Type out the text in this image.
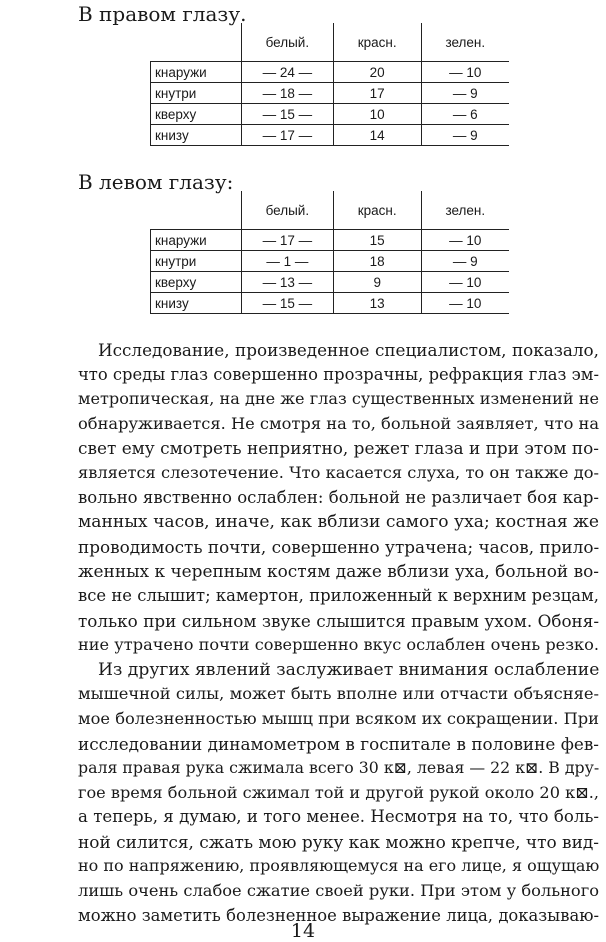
В правом глазу.
	белый.	красн.	зелен.
кнаружи	— 24 —	20	— 10
кнутри	— 18 —	17	— 9
кверху	— 15 —	10	— 6
книзу	— 17 —	14	— 9
В левом глазу:
	белый.	красн.	зелен.
кнаружи	— 17 —	15	— 10
кнутри	— 1 —	18	— 9
кверху	— 13 —	9	— 10
книзу	— 15 —	13	— 10
Исследование, произведенное специалистом, показало,
что среды глаз совершенно прозрачны, рефракция глаз эм-
метропическая, на дне же глаз существенных изменений не
обнаруживается. Не смотря на то, больной заявляет, что на
свет ему смотреть неприятно, режет глаза и при этом по-
является слезотечение. Что касается слуха, то он также до-
вольно явственно ослаблен: больной не различает боя кар-
манных часов, иначе, как вблизи самого уха; костная же
проводимость почти, совершенно утрачена; часов, прило-
женных к черепным костям даже вблизи уха, больной во-
все не слышит; камертон, приложенный к верхним резцам,
только при сильном звуке слышится правым ухом. Обоня-
ние утрачено почти совершенно вкус ослаблен очень резко.
Из других явлений заслуживает внимания ослабление
мышечной силы, может быть вполне или отчасти объясняе-
мое болезненностью мышц при всяком их сокращении. При
исследовании динамометром в госпитале в половине фев-
раля правая рука сжимала всего 30 к⊠, левая — 22 к⊠. В дру-
гое время больной сжимал той и другой рукой около 20 к⊠.,
а теперь, я думаю, и того менее. Несмотря на то, что боль-
ной силится, сжать мою руку как можно крепче, что вид-
но по напряжению, проявляющемуся на его лице, я ощущаю
лишь очень слабое сжатие своей руки. При этом у больного
можно заметить болезненное выражение лица, доказываю-
14
